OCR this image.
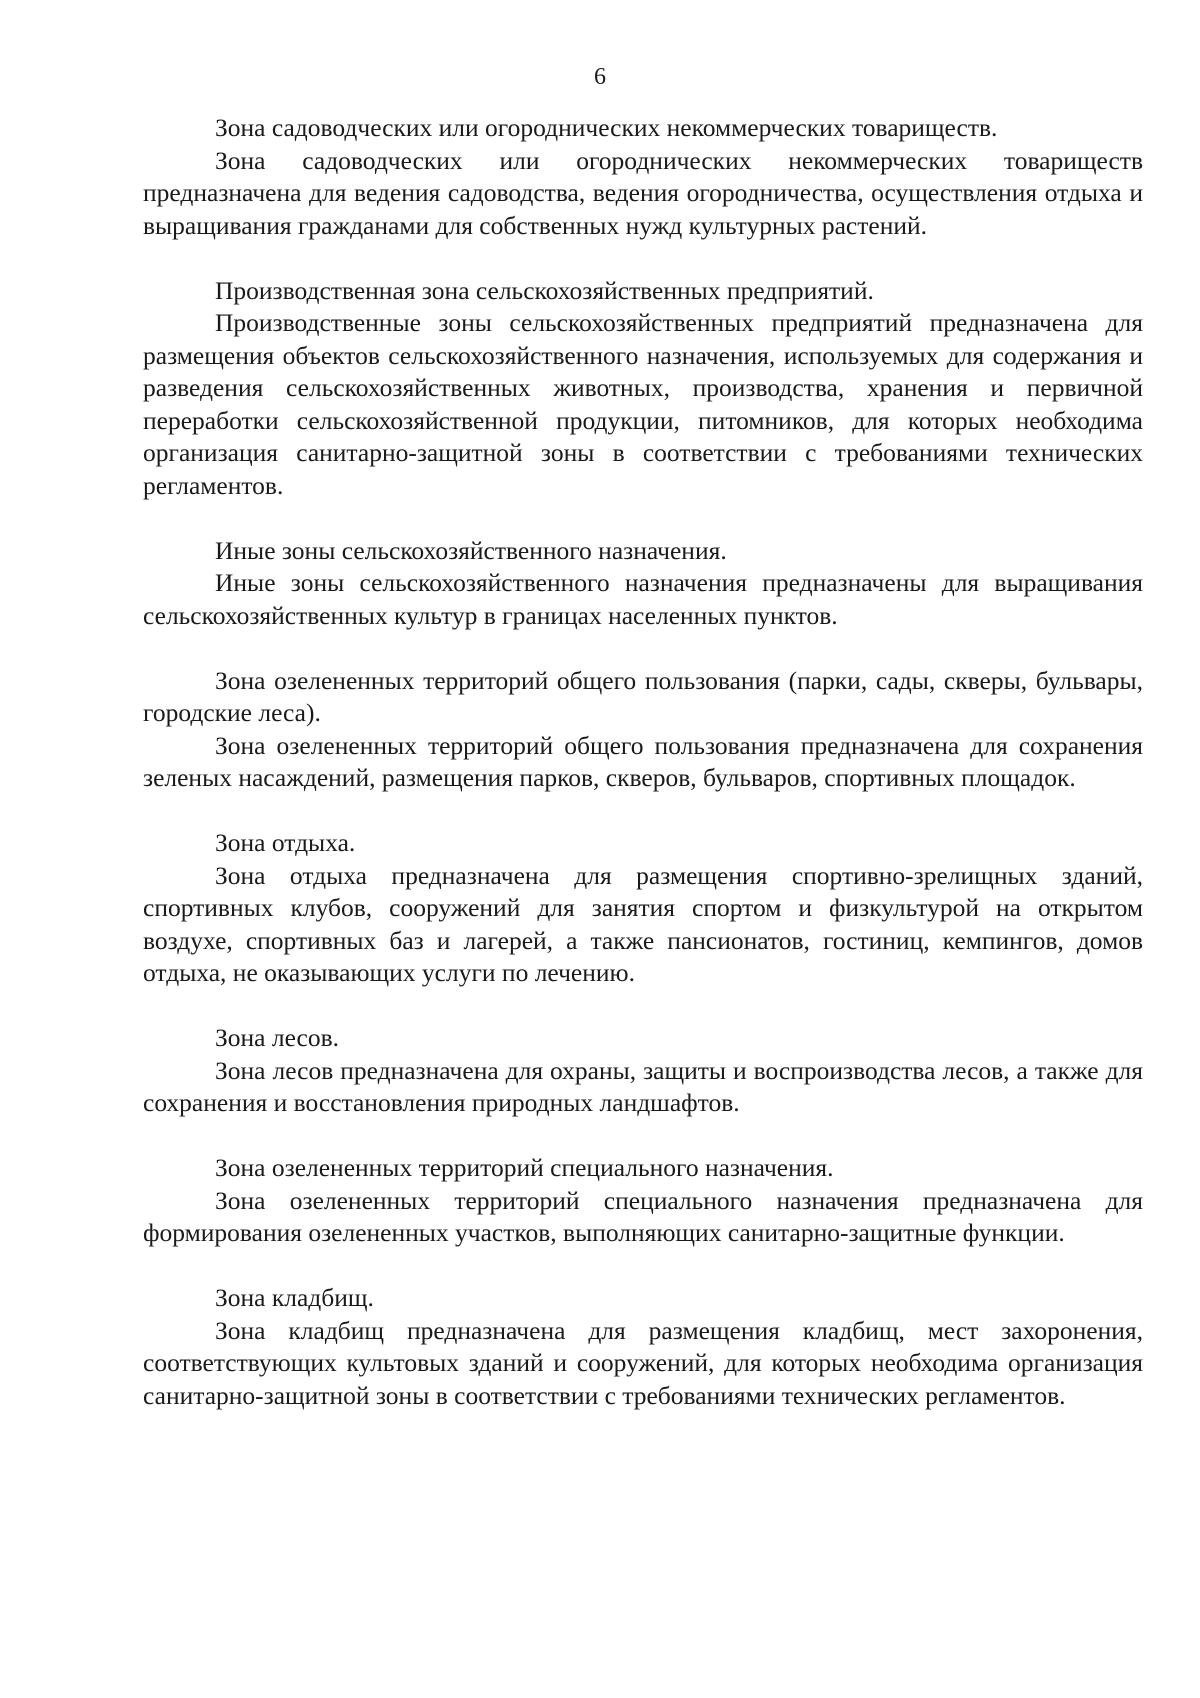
6

Зона садоводческих или огороднических некоммерческих товариществ.

Зона садоводческих или огороднических некоммерческих товариществ предназначена для ведения садоводства, ведения огородничества, осуществления отдыха и выращивания гражданами для собственных нужд культурных растений.

Производственная зона сельскохозяйственных предприятий.

Производственные зоны сельскохозяйственных предприятий предназначена для размещения объектов сельскохозяйственного назначения, используемых для содержания и разведения сельскохозяйственных животных, производства, хранения и первичной переработки сельскохозяйственной продукции, питомников, для которых необходима организация санитарно-защитной зоны в соответствии с требованиями технических регламентов.

Иные зоны сельскохозяйственного назначения.

Иные зоны сельскохозяйственного назначения предназначены для выращивания сельскохозяйственных культур в границах населенных пунктов.

Зона озелененных территорий общего пользования (парки, сады, скверы, бульвары, городские леса).

Зона озелененных территорий общего пользования предназначена для сохранения зеленых насаждений, размещения парков, скверов, бульваров, спортивных площадок.

Зона отдыха.

Зона отдыха предназначена для размещения спортивно-зрелищных зданий, спортивных клубов, сооружений для занятия спортом и физкультурой на открытом воздухе, спортивных баз и лагерей, а также пансионатов, гостиниц, кемпингов, домов отдыха, не оказывающих услуги по лечению.

Зона лесов.

Зона лесов предназначена для охраны, защиты и воспроизводства лесов, а также для сохранения и восстановления природных ландшафтов.

Зона озелененных территорий специального назначения.

Зона озелененных территорий специального назначения предназначена для формирования озелененных участков, выполняющих санитарно-защитные функции.

Зона кладбищ.

Зона кладбищ предназначена для размещения кладбищ, мест захоронения, соответствующих культовых зданий и сооружений, для которых необходима организация санитарно-защитной зоны в соответствии с требованиями технических регламентов.
